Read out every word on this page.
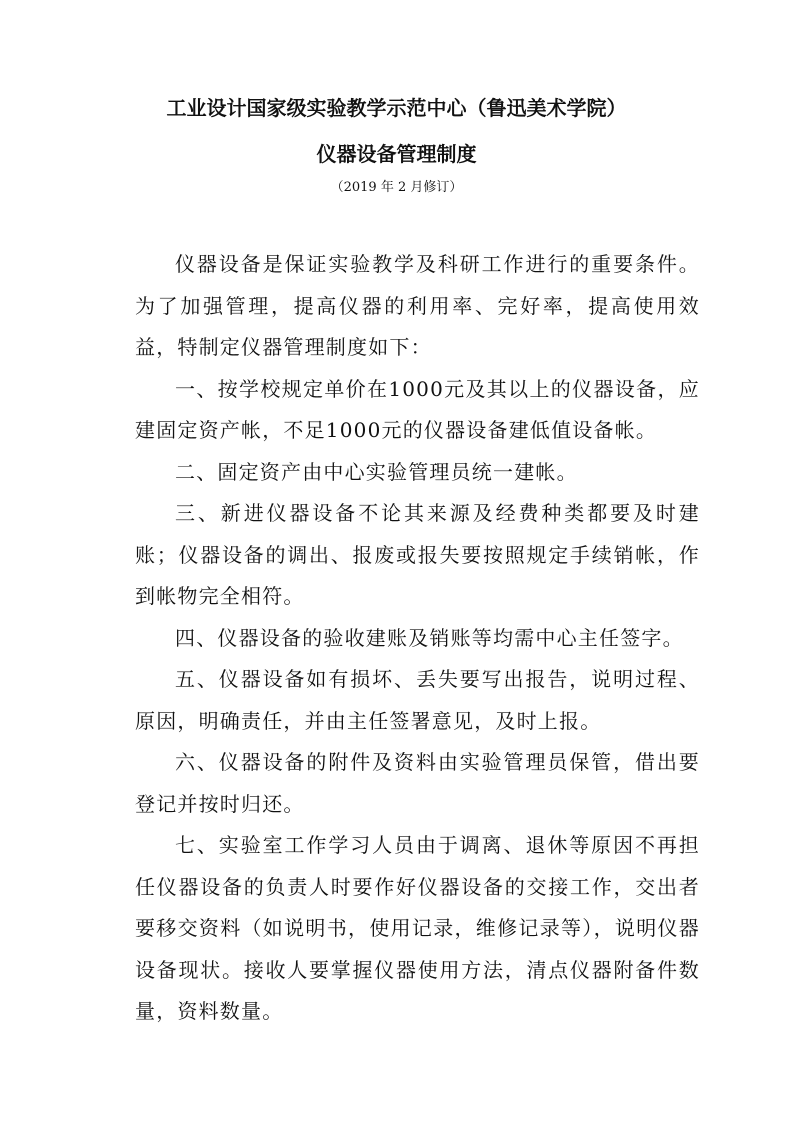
工业设计国家级实验教学示范中心（鲁迅美术学院）
仪器设备管理制度
（2019 年 2 月修订）

仪器设备是保证实验教学及科研工作进行的重要条件。为了加强管理，提高仪器的利用率、完好率，提高使用效益，特制定仪器管理制度如下：

一、按学校规定单价在1000元及其以上的仪器设备，应建固定资产帐，不足1000元的仪器设备建低值设备帐。

二、固定资产由中心实验管理员统一建帐。

三、新进仪器设备不论其来源及经费种类都要及时建账；仪器设备的调出、报废或报失要按照规定手续销帐，作到帐物完全相符。

四、仪器设备的验收建账及销账等均需中心主任签字。

五、仪器设备如有损坏、丢失要写出报告，说明过程、原因，明确责任，并由主任签署意见，及时上报。

六、仪器设备的附件及资料由实验管理员保管，借出要登记并按时归还。

七、实验室工作学习人员由于调离、退休等原因不再担任仪器设备的负责人时要作好仪器设备的交接工作，交出者要移交资料（如说明书，使用记录，维修记录等），说明仪器设备现状。接收人要掌握仪器使用方法，清点仪器附备件数量，资料数量。
